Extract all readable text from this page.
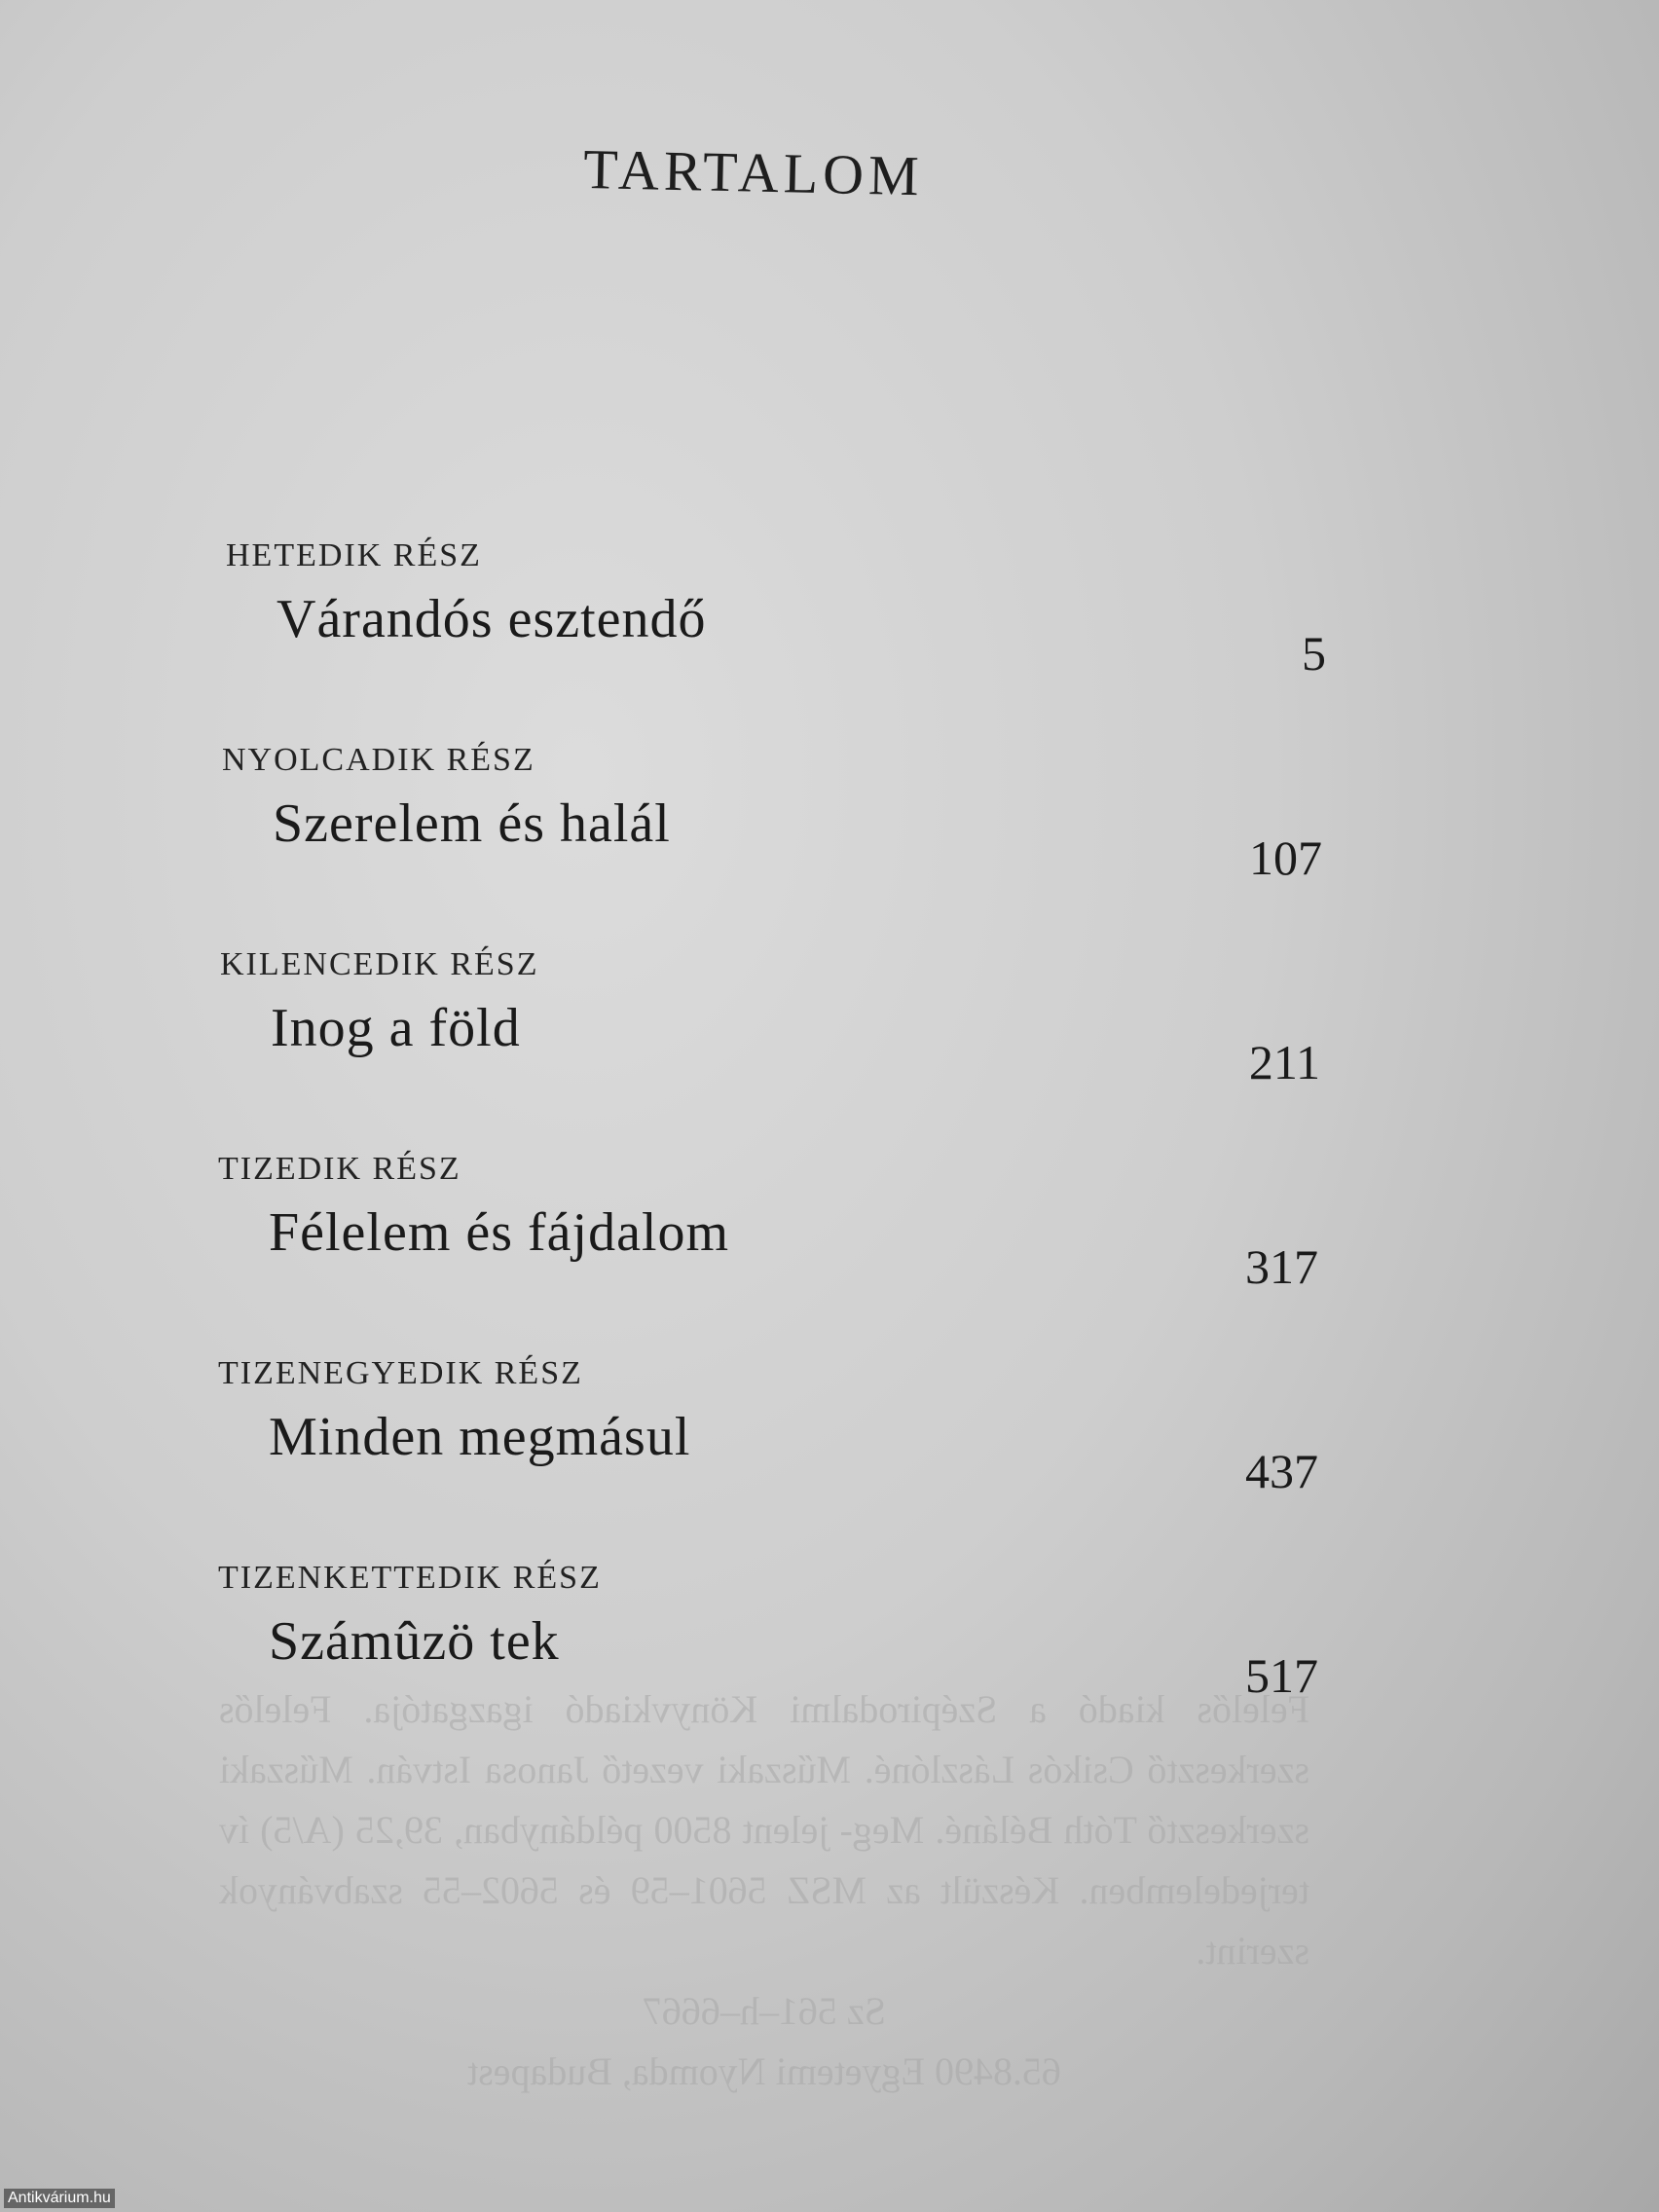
TARTALOM
HETEDIK RÉSZ
Várandós esztendő
5
NYOLCADIK RÉSZ
Szerelem és halál
107
KILENCEDIK RÉSZ
Inog a föld
211
TIZEDIK RÉSZ
Félelem és fájdalom
317
TIZENEGYEDIK RÉSZ
Minden megmásul
437
TIZENKETTEDIK RÉSZ
Számûzö tek
517
Felelős kiadó a Szépirodalmi Könyvkiadó igazgatója. Felelős szerkesztő Csikós Lászlóné. Műszaki vezető Janosa István. Műszaki szerkesztő Tóth Béláné. Meg- jelent 8500 példányban, 39,25 (A/5) ív terjedelemben. Készült az MSZ 5601–59 és 5602–55 szabványok szerint.
Sz 561–h–6667
65.8490 Egyetemi Nyomda, Budapest
Antikvárium.hu
